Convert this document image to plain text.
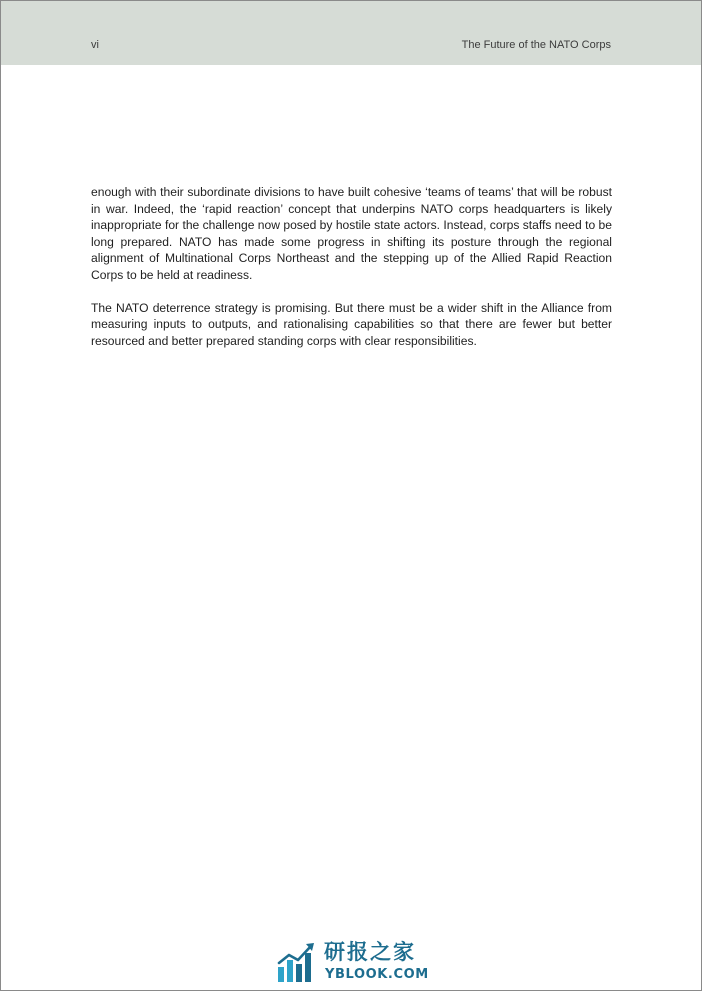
vi	The Future of the NATO Corps

enough with their subordinate divisions to have built cohesive ‘teams of teams’ that will be robust in war. Indeed, the ‘rapid reaction’ concept that underpins NATO corps headquarters is likely inappropriate for the challenge now posed by hostile state actors. Instead, corps staffs need to be long prepared. NATO has made some progress in shifting its posture through the regional alignment of Multinational Corps Northeast and the stepping up of the Allied Rapid Reaction Corps to be held at readiness.

The NATO deterrence strategy is promising. But there must be a wider shift in the Alliance from measuring inputs to outputs, and rationalising capabilities so that there are fewer but better resourced and better prepared standing corps with clear responsibilities.

研报之家
YBLOOK.COM
